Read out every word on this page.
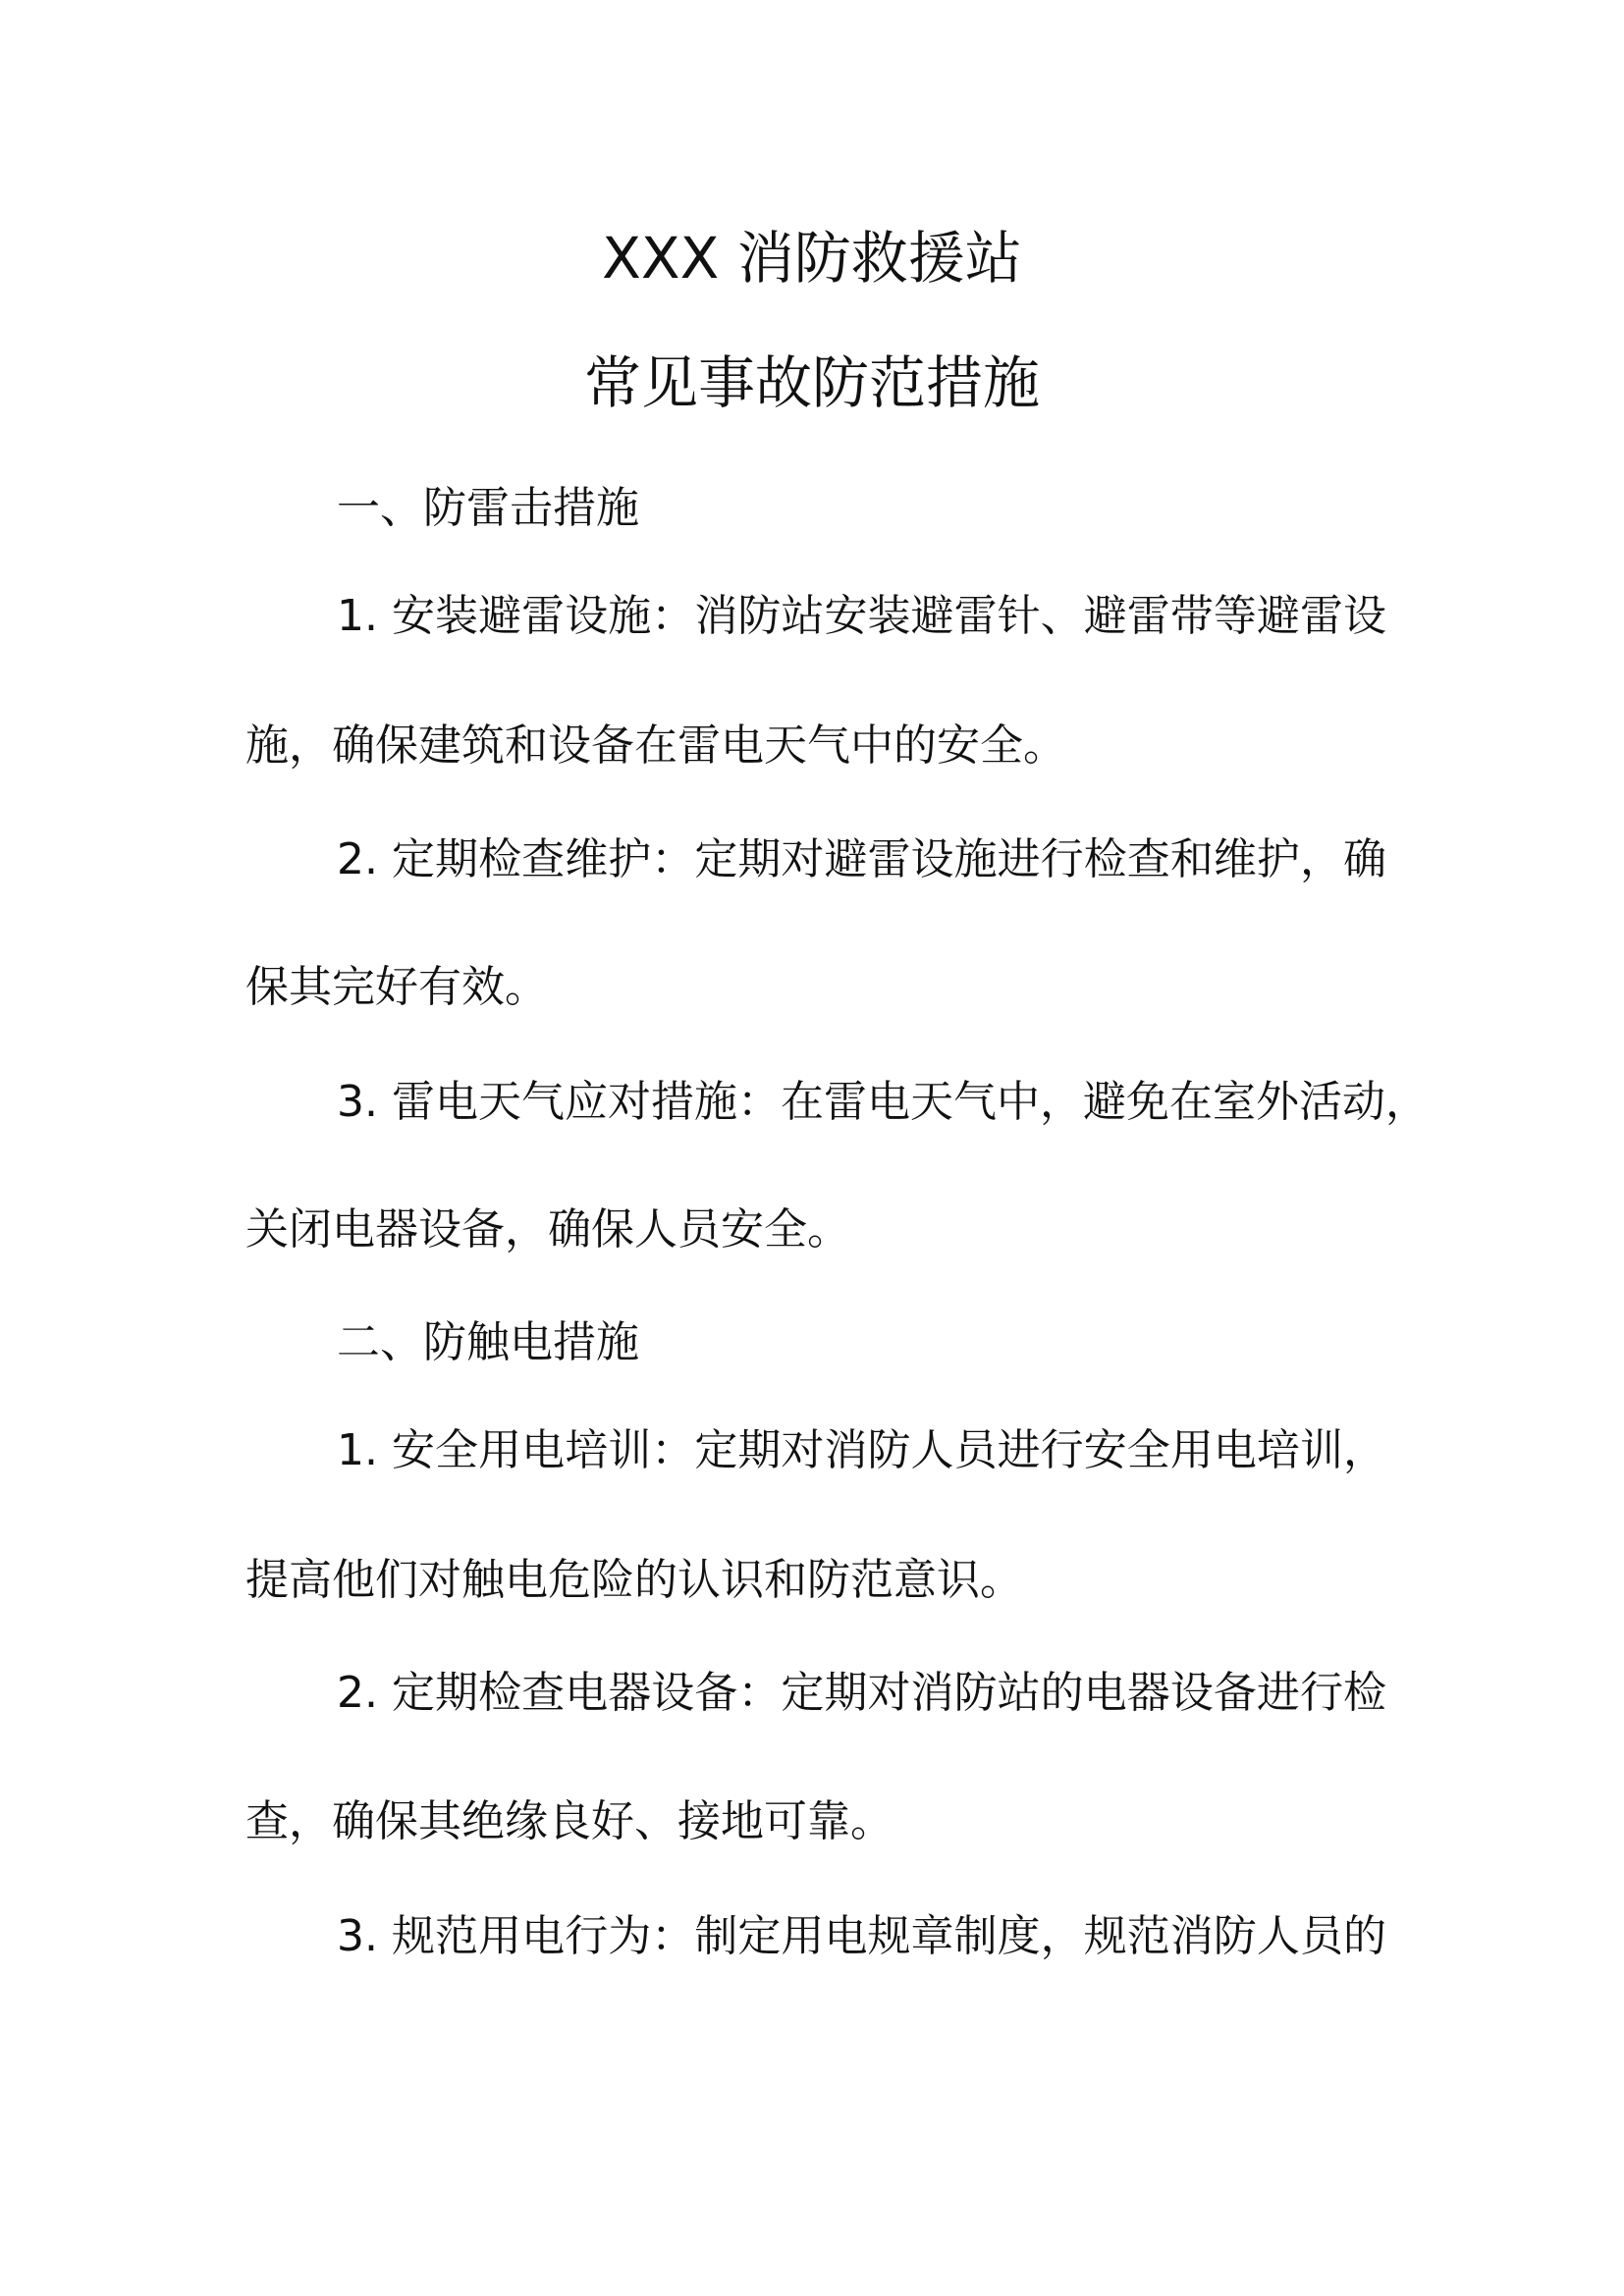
XXX 消防救援站
常见事故防范措施
一、防雷击措施
1. 安装避雷设施：消防站安装避雷针、避雷带等避雷设
施，确保建筑和设备在雷电天气中的安全。
2. 定期检查维护：定期对避雷设施进行检查和维护，确
保其完好有效。
3. 雷电天气应对措施：在雷电天气中，避免在室外活动，
关闭电器设备，确保人员安全。
二、防触电措施
1. 安全用电培训：定期对消防人员进行安全用电培训，
提高他们对触电危险的认识和防范意识。
2. 定期检查电器设备：定期对消防站的电器设备进行检
查，确保其绝缘良好、接地可靠。
3. 规范用电行为：制定用电规章制度，规范消防人员的
